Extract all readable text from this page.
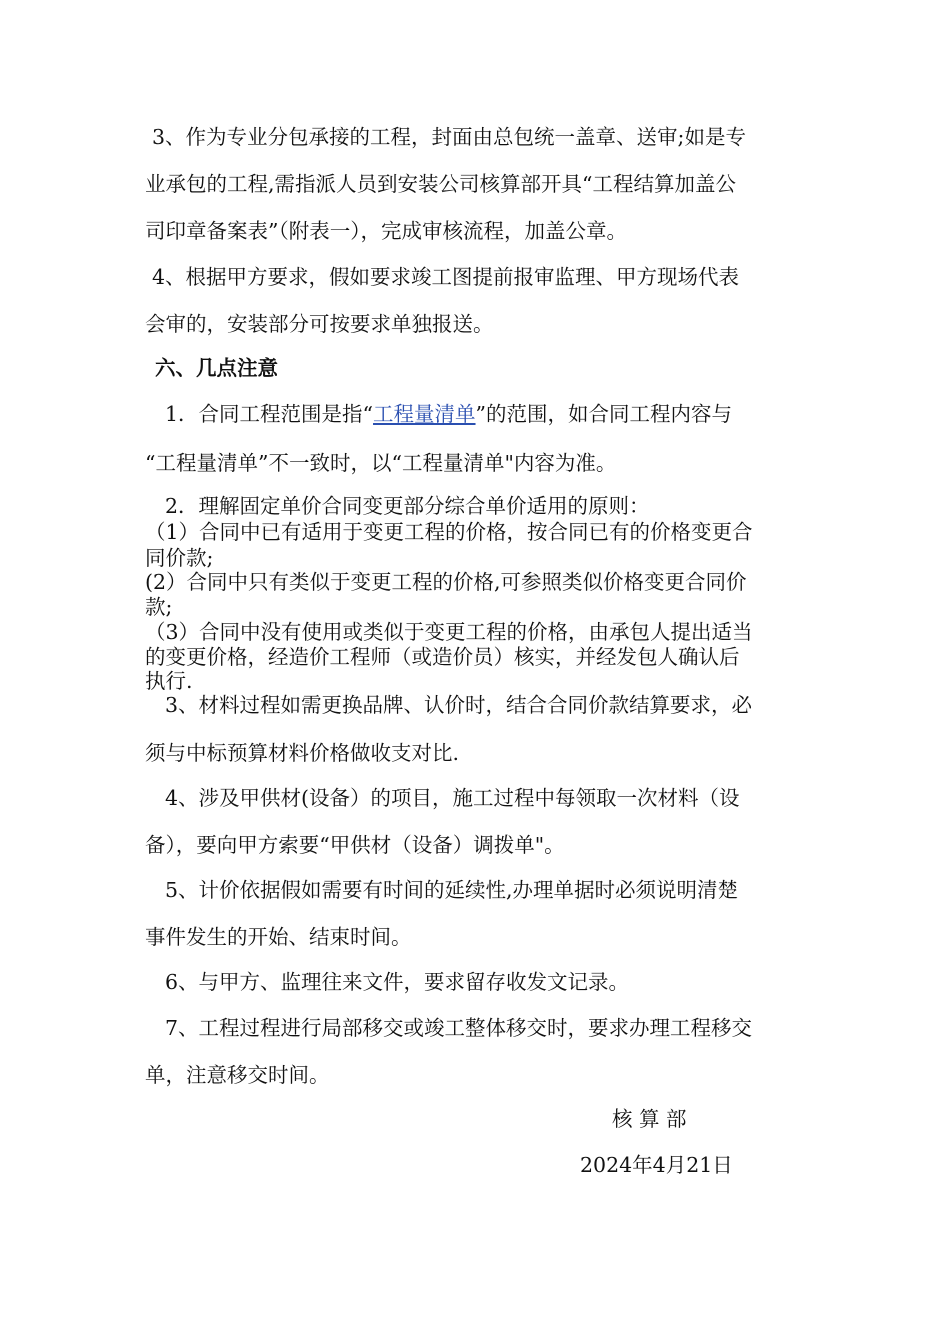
3、作为专业分包承接的工程，封面由总包统一盖章、送审;如是专
业承包的工程,需指派人员到安装公司核算部开具“工程结算加盖公
司印章备案表”（附表一），完成审核流程，加盖公章。
4、根据甲方要求，假如要求竣工图提前报审监理、甲方现场代表
会审的，安装部分可按要求单独报送。
六、几点注意
1．合同工程范围是指“工程量清单”的范围，如合同工程内容与
“工程量清单”不一致时，以“工程量清单"内容为准。
2．理解固定单价合同变更部分综合单价适用的原则：
（1）合同中已有适用于变更工程的价格，按合同已有的价格变更合
同价款;
(2）合同中只有类似于变更工程的价格,可参照类似价格变更合同价
款;
（3）合同中没有使用或类似于变更工程的价格，由承包人提出适当
的变更价格，经造价工程师（或造价员）核实，并经发包人确认后
执行.
3、材料过程如需更换品牌、认价时，结合合同价款结算要求，必
须与中标预算材料价格做收支对比.
4、涉及甲供材(设备）的项目，施工过程中每领取一次材料（设
备），要向甲方索要“甲供材（设备）调拨单"。
5、计价依据假如需要有时间的延续性,办理单据时必须说明清楚
事件发生的开始、结束时间。
6、与甲方、监理往来文件，要求留存收发文记录。
7、工程过程进行局部移交或竣工整体移交时，要求办理工程移交
单，注意移交时间。
核 算 部
2024年4月21日
